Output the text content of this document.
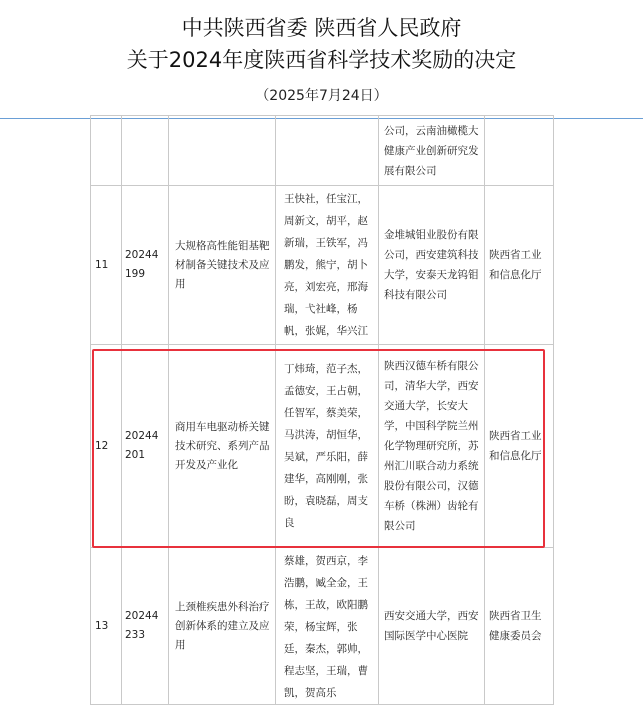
中共陕西省委 陕西省人民政府
关于2024年度陕西省科学技术奖励的决定
（2025年7月24日）
				公司，云南油橄榄大健康产业创新研究发展有限公司	
11	20244199	大规格高性能钼基靶材制备关键技术及应用	王快社，任宝江，周新文，胡平，赵新瑞，王铁军，冯鹏发，熊宁，胡卜亮，刘宏亮，邢海瑞，弋社峰，杨帆，张娓，华兴江	金堆城钼业股份有限公司，西安建筑科技大学，安泰天龙钨钼科技有限公司	陕西省工业和信息化厅
12	20244201	商用车电驱动桥关键技术研究、系列产品开发及产业化	丁炜琦，范子杰，孟德安，王占朝，任智军，蔡美荣，马洪涛，胡恒华，吴斌，严乐阳，薛建华，高刚刚，张盼，袁晓磊，周支良	陕西汉德车桥有限公司，清华大学，西安交通大学，长安大学，中国科学院兰州化学物理研究所，苏州汇川联合动力系统股份有限公司，汉德车桥（株洲）齿轮有限公司	陕西省工业和信息化厅
13	20244233	上颈椎疾患外科治疗创新体系的建立及应用	蔡雄，贺西京，李浩鹏，臧全金，王栋，王故，欧阳鹏荣，杨宝辉，张廷，秦杰，郭帅，程志坚，王瑞，曹凯，贺高乐	西安交通大学，西安国际医学中心医院	陕西省卫生健康委员会
